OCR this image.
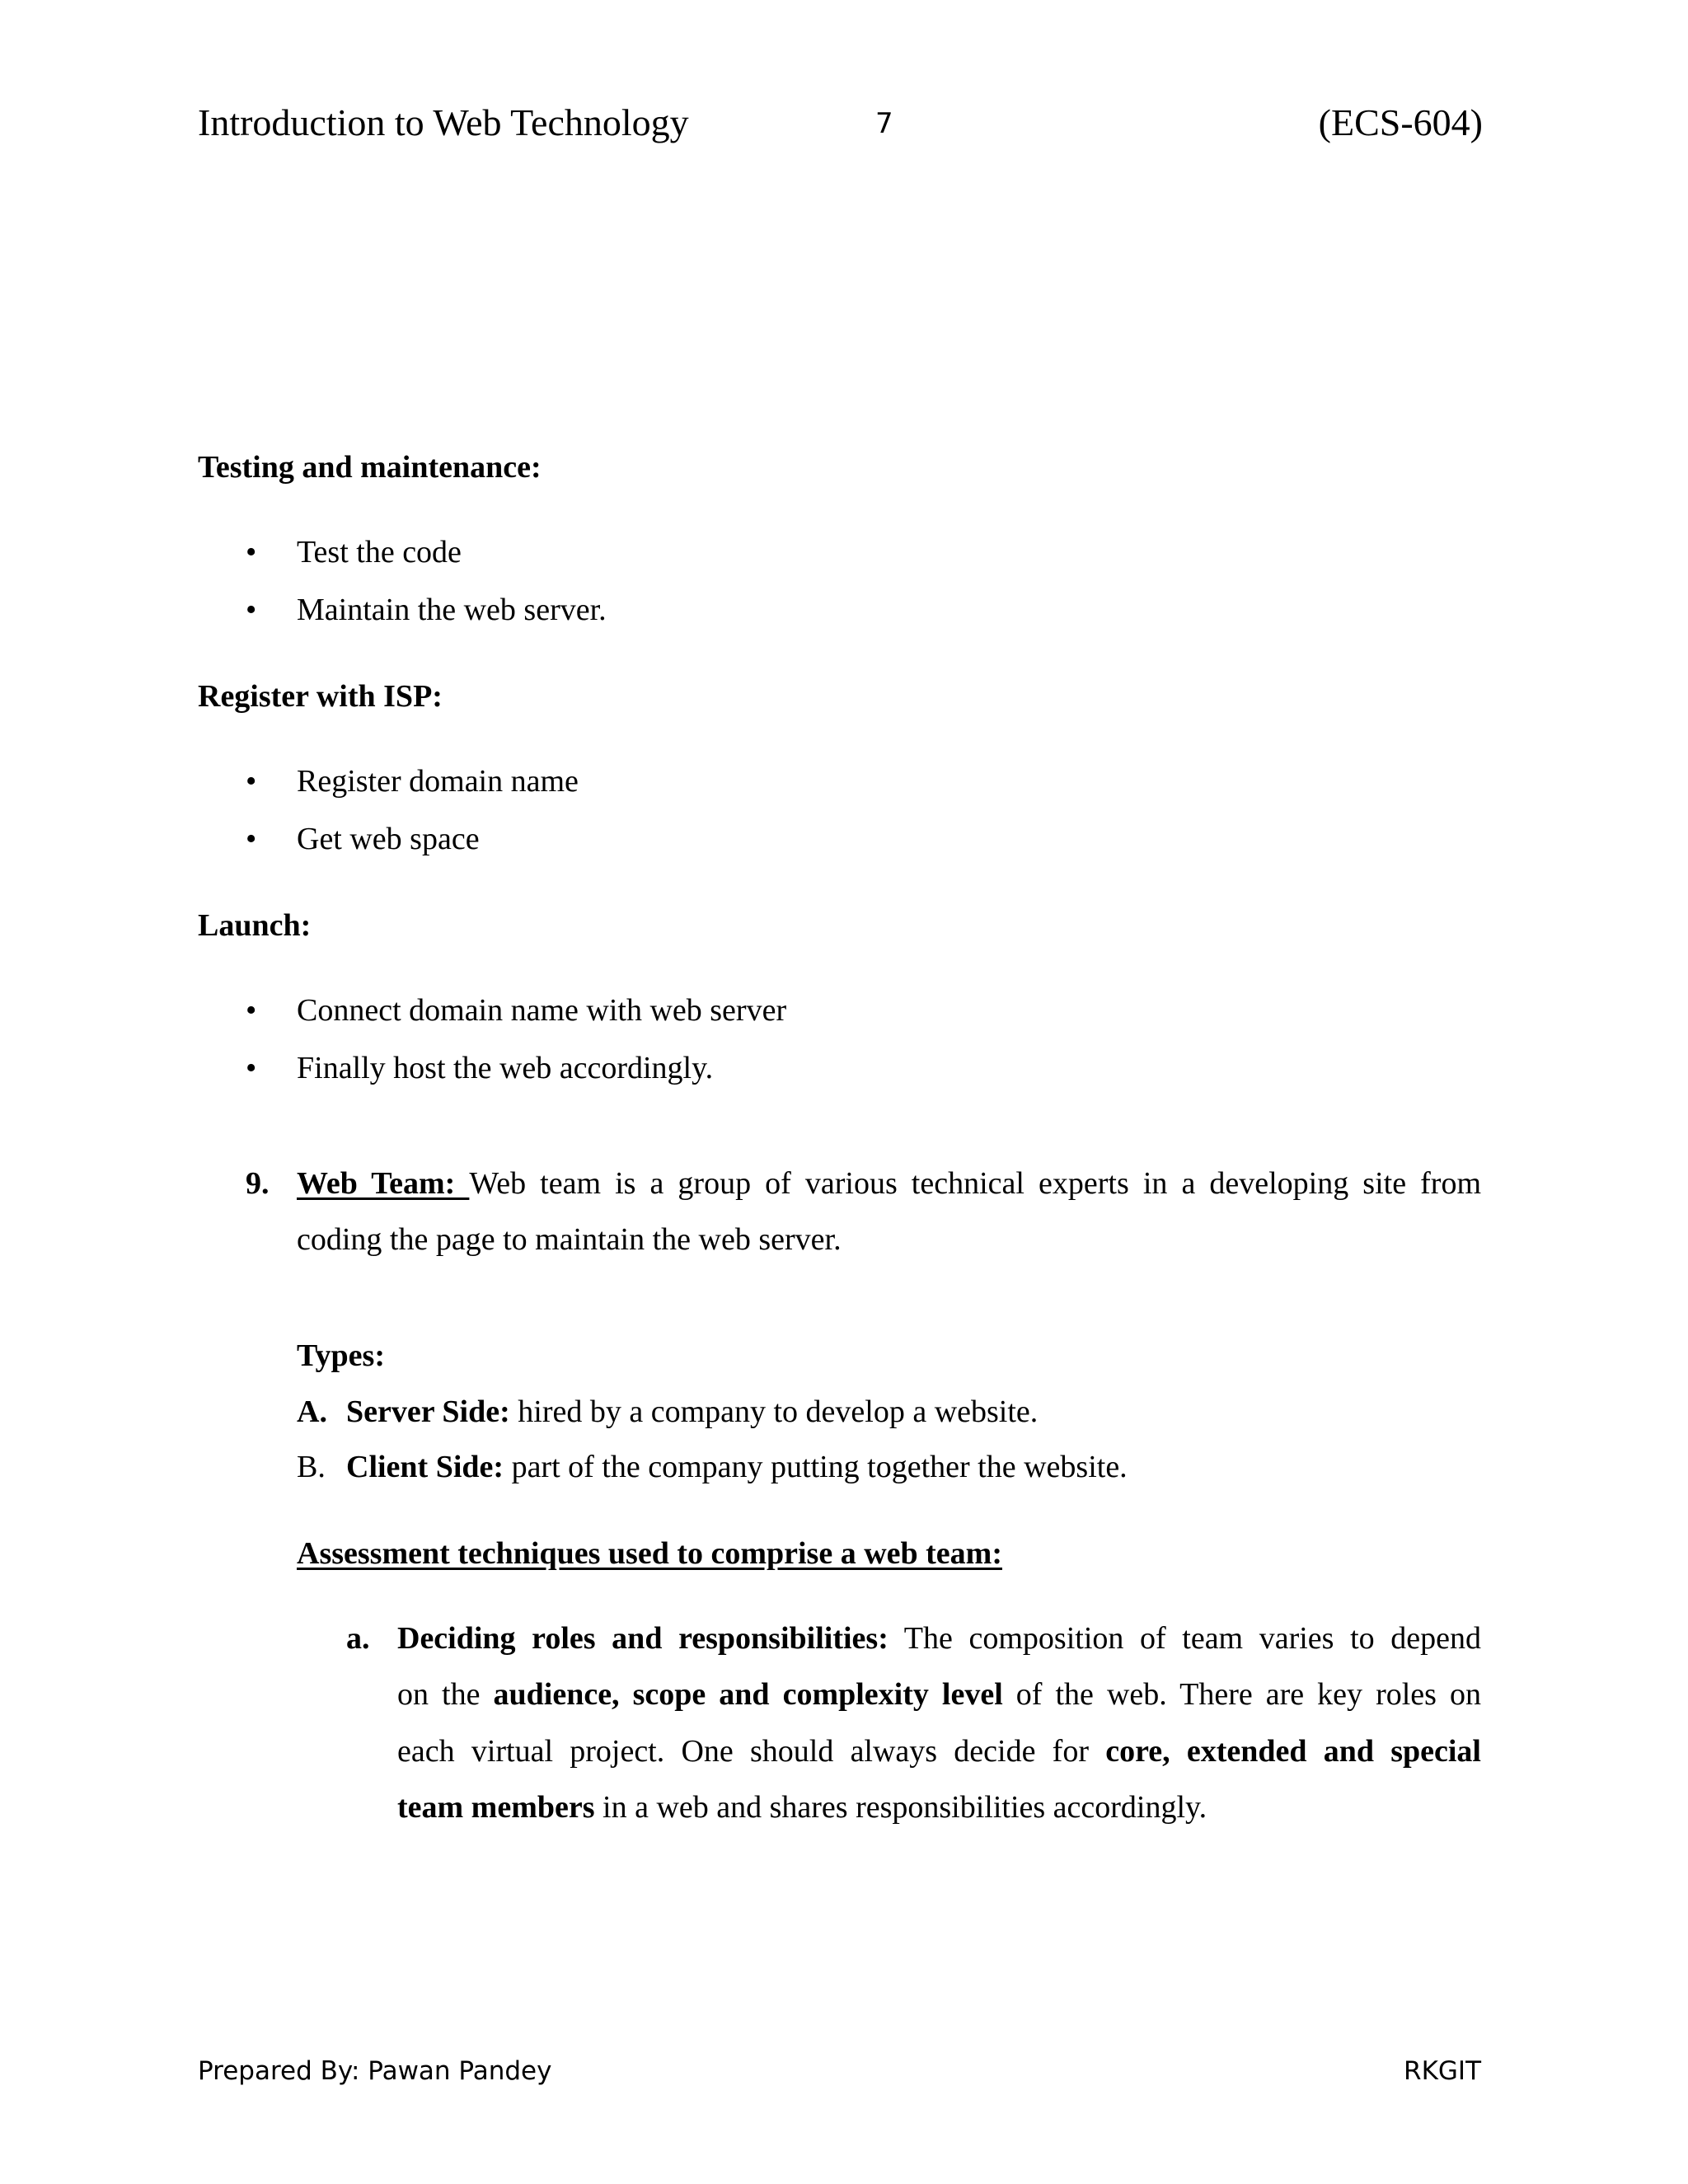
Introduction to Web Technology	7	(ECS-604)
Testing and maintenance:
• Test the code
• Maintain the web server.
Register with ISP:
• Register domain name
• Get web space
Launch:
• Connect domain name with web server
• Finally host the web accordingly.
9. Web Team: Web team is a group of various technical experts in a developing site from
coding the page to maintain the web server.
Types:
A. Server Side: hired by a company to develop a website.
B. Client Side: part of the company putting together the website.
Assessment techniques used to comprise a web team:
a. Deciding roles and responsibilities: The composition of team varies to depend
on the audience, scope and complexity level of the web. There are key roles on
each virtual project. One should always decide for core, extended and special
team members in a web and shares responsibilities accordingly.
Prepared By: Pawan Pandey	RKGIT
